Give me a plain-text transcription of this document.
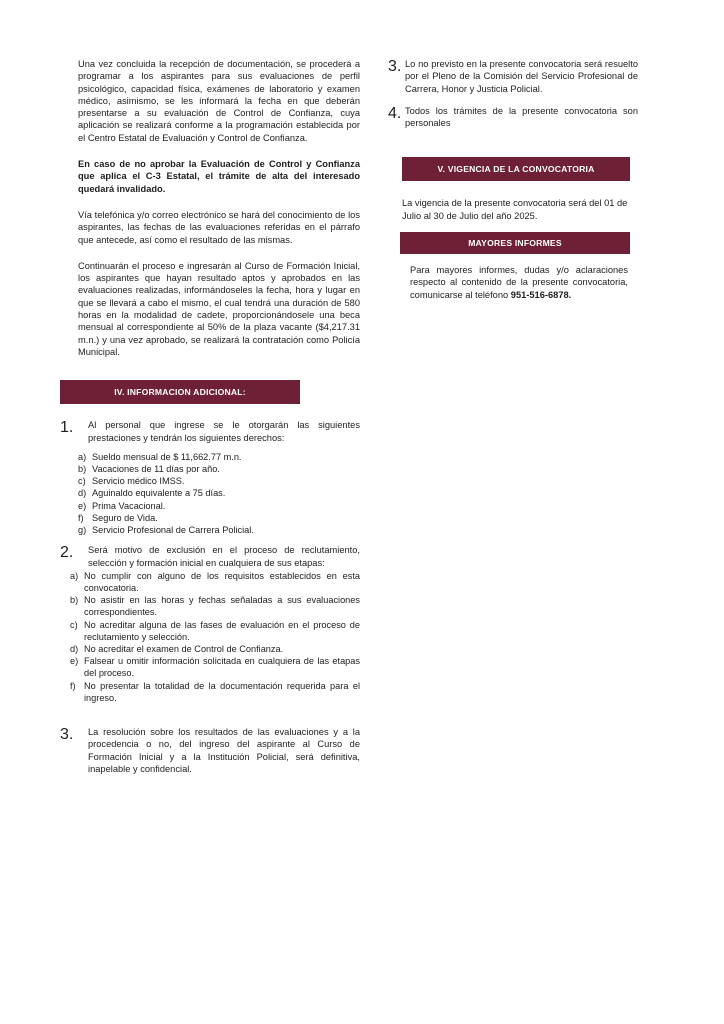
Una vez concluida la recepción de documentación, se procederá a programar a los aspirantes para sus evaluaciones de perfil psicológico, capacidad física, exámenes de laboratorio y examen médico, asimismo, se les informará la fecha en que deberán presentarse a su evaluación de Control de Confianza, cuya aplicación se realizará conforme a la programación establecida por el Centro Estatal de Evaluación y Control de Confianza.

En caso de no aprobar la Evaluación de Control y Confianza que aplica el C-3 Estatal, el trámite de alta del interesado quedará invalidado.

Vía telefónica y/o correo electrónico se hará del conocimiento de los aspirantes, las fechas de las evaluaciones referidas en el párrafo que antecede, así como el resultado de las mismas.

Continuarán el proceso e ingresarán al Curso de Formación Inicial, los aspirantes que hayan resultado aptos y aprobados en las evaluaciones realizadas, informándoseles la fecha, hora y lugar en que se llevará a cabo el mismo, el cual tendrá una duración de 580 horas en la modalidad de cadete, proporcionándosele una beca mensual al correspondiente al 50% de la plaza vacante ($4,217.31 m.n.) y una vez aprobado, se realizará la contratación como Policía Municipal.

IV. INFORMACION ADICIONAL:
1. Al personal que ingrese se le otorgarán las siguientes prestaciones y tendrán los siguientes derechos:

a) Sueldo mensual de $ 11,662.77 m.n.
b) Vacaciones de 11 días por año.
c) Servicio médico IMSS.
d) Aguinaldo equivalente a 75 días.
e) Prima Vacacional.
f) Seguro de Vida.
g) Servicio Profesional de Carrera Policial.
2. Será motivo de exclusión en el proceso de reclutamiento, selección y formación inicial en cualquiera de sus etapas:

a) No cumplir con alguno de los requisitos establecidos en esta convocatoria.
b) No asistir en las horas y fechas señaladas a sus evaluaciones correspondientes.
c) No acreditar alguna de las fases de evaluación en el proceso de reclutamiento y selección.
d) No acreditar el examen de Control de Confianza.
e) Falsear u omitir información solicitada en cualquiera de las etapas del proceso.
f) No presentar la totalidad de la documentación requerida para el ingreso.
3. La resolución sobre los resultados de las evaluaciones y a la procedencia o no, del ingreso del aspirante al Curso de Formación Inicial y a la Institución Policial, será definitiva, inapelable y confidencial.

3. Lo no previsto en la presente convocatoria será resuelto por el Pleno de la Comisión del Servicio Profesional de Carrera, Honor y Justicia Policial.

4. Todos los trámites de la presente convocatoria son personales

V. VIGENCIA DE LA CONVOCATORIA

La vigencia de la presente convocatoria será del 01 de Julio al 30 de Julio del año 2025.

MAYORES INFORMES

Para mayores informes, dudas y/o aclaraciones respecto al contenido de la presente convocatoria, comunicarse al teléfono 951-516-6878.
